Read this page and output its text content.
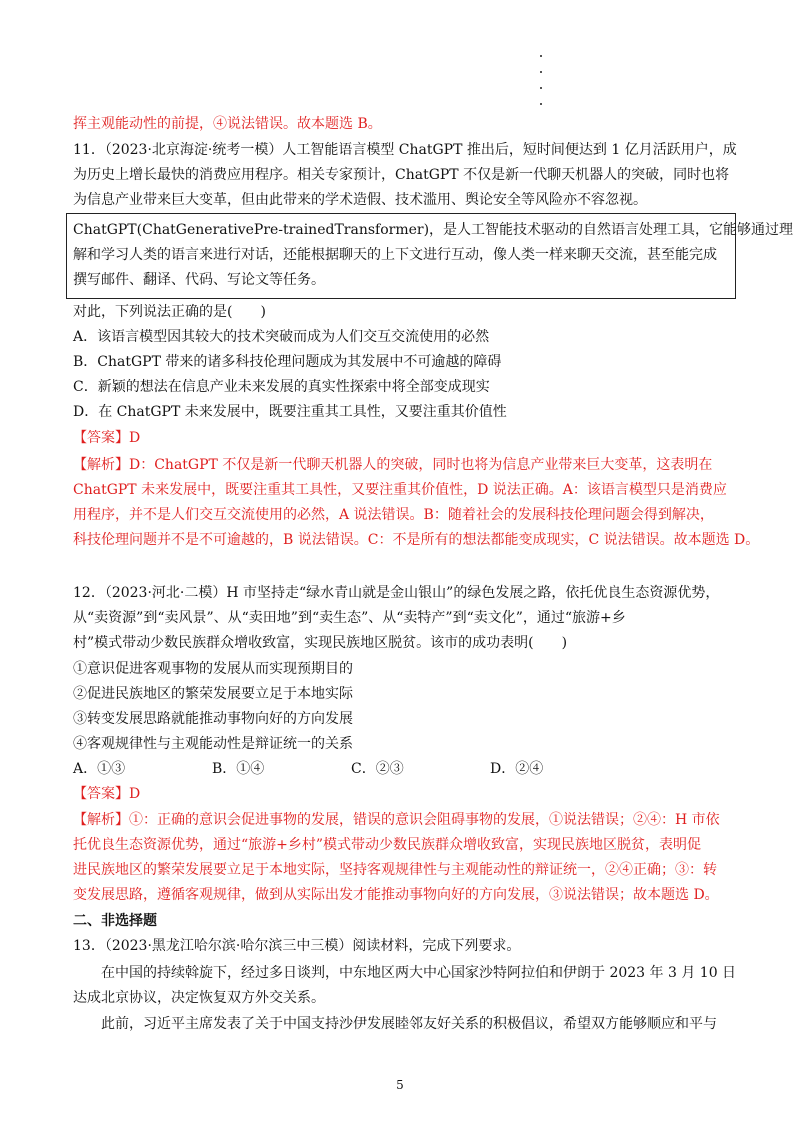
挥主观能动性的前提，④说法错误。故本题选 B。
11．（2023·北京海淀·统考一模）人工智能语言模型 ChatGPT 推出后，短时间便达到 1 亿月活跃用户，成
为历史上增长最快的消费应用程序。相关专家预计，ChatGPT 不仅是新一代聊天机器人的突破，同时也将
为信息产业带来巨大变革，但由此带来的学术造假、技术滥用、舆论安全等风险亦不容忽视。
ChatGPT(ChatGenerativePre-trainedTransformer)，是人工智能技术驱动的自然语言处理工具，它能够通过理
解和学习人类的语言来进行对话，还能根据聊天的上下文进行互动，像人类一样来聊天交流，甚至能完成
撰写邮件、翻译、代码、写论文等任务。
对此，下列说法正确的是(　　)
A．该语言模型因其较大的技术突破而成为人们交互交流使用的必然
B．ChatGPT 带来的诸多科技伦理问题成为其发展中不可逾越的障碍
C．新颖的想法在信息产业未来发展的真实性探索中将全部变成现实
D．在 ChatGPT 未来发展中，既要注重其工具性，又要注重其价值性
【答案】D
【解析】D：ChatGPT 不仅是新一代聊天机器人的突破，同时也将为信息产业带来巨大变革，这表明在
ChatGPT 未来发展中，既要注重其工具性，又要注重其价值性，D 说法正确。A：该语言模型只是消费应
用程序，并不是人们交互交流使用的必然，A 说法错误。B：随着社会的发展科技伦理问题会得到解决，
科技伦理问题并不是不可逾越的，B 说法错误。C：不是所有的想法都能变成现实，C 说法错误。故本题选 D。
12．（2023·河北·二模）H 市坚持走“绿水青山就是金山银山”的绿色发展之路，依托优良生态资源优势，
从“卖资源”到“卖风景”、从“卖田地”到“卖生态”、从“卖特产”到“卖文化”，通过“旅游+乡
村”模式带动少数民族群众增收致富，实现民族地区脱贫。该市的成功表明(　　)
①意识促进客观事物的发展从而实现预期目的
②促进民族地区的繁荣发展要立足于本地实际
③转变发展思路就能推动事物向好的方向发展
④客观规律性与主观能动性是辩证统一的关系
A．①③	B．①④	C．②③	D．②④
【答案】D
【解析】①：正确的意识会促进事物的发展，错误的意识会阻碍事物的发展，①说法错误；②④：H 市依
托优良生态资源优势，通过“旅游+乡村”模式带动少数民族群众增收致富，实现民族地区脱贫，表明促
进民族地区的繁荣发展要立足于本地实际，坚持客观规律性与主观能动性的辩证统一，②④正确；③：转
变发展思路，遵循客观规律，做到从实际出发才能推动事物向好的方向发展，③说法错误；故本题选 D。
二、非选择题
13．（2023·黑龙江哈尔滨·哈尔滨三中三模）阅读材料，完成下列要求。
在中国的持续斡旋下，经过多日谈判，中东地区两大中心国家沙特阿拉伯和伊朗于 2023 年 3 月 10 日
达成北京协议，决定恢复双方外交关系。
此前，习近平主席发表了关于中国支持沙伊发展睦邻友好关系的积极倡议，希望双方能够顺应和平与
5
